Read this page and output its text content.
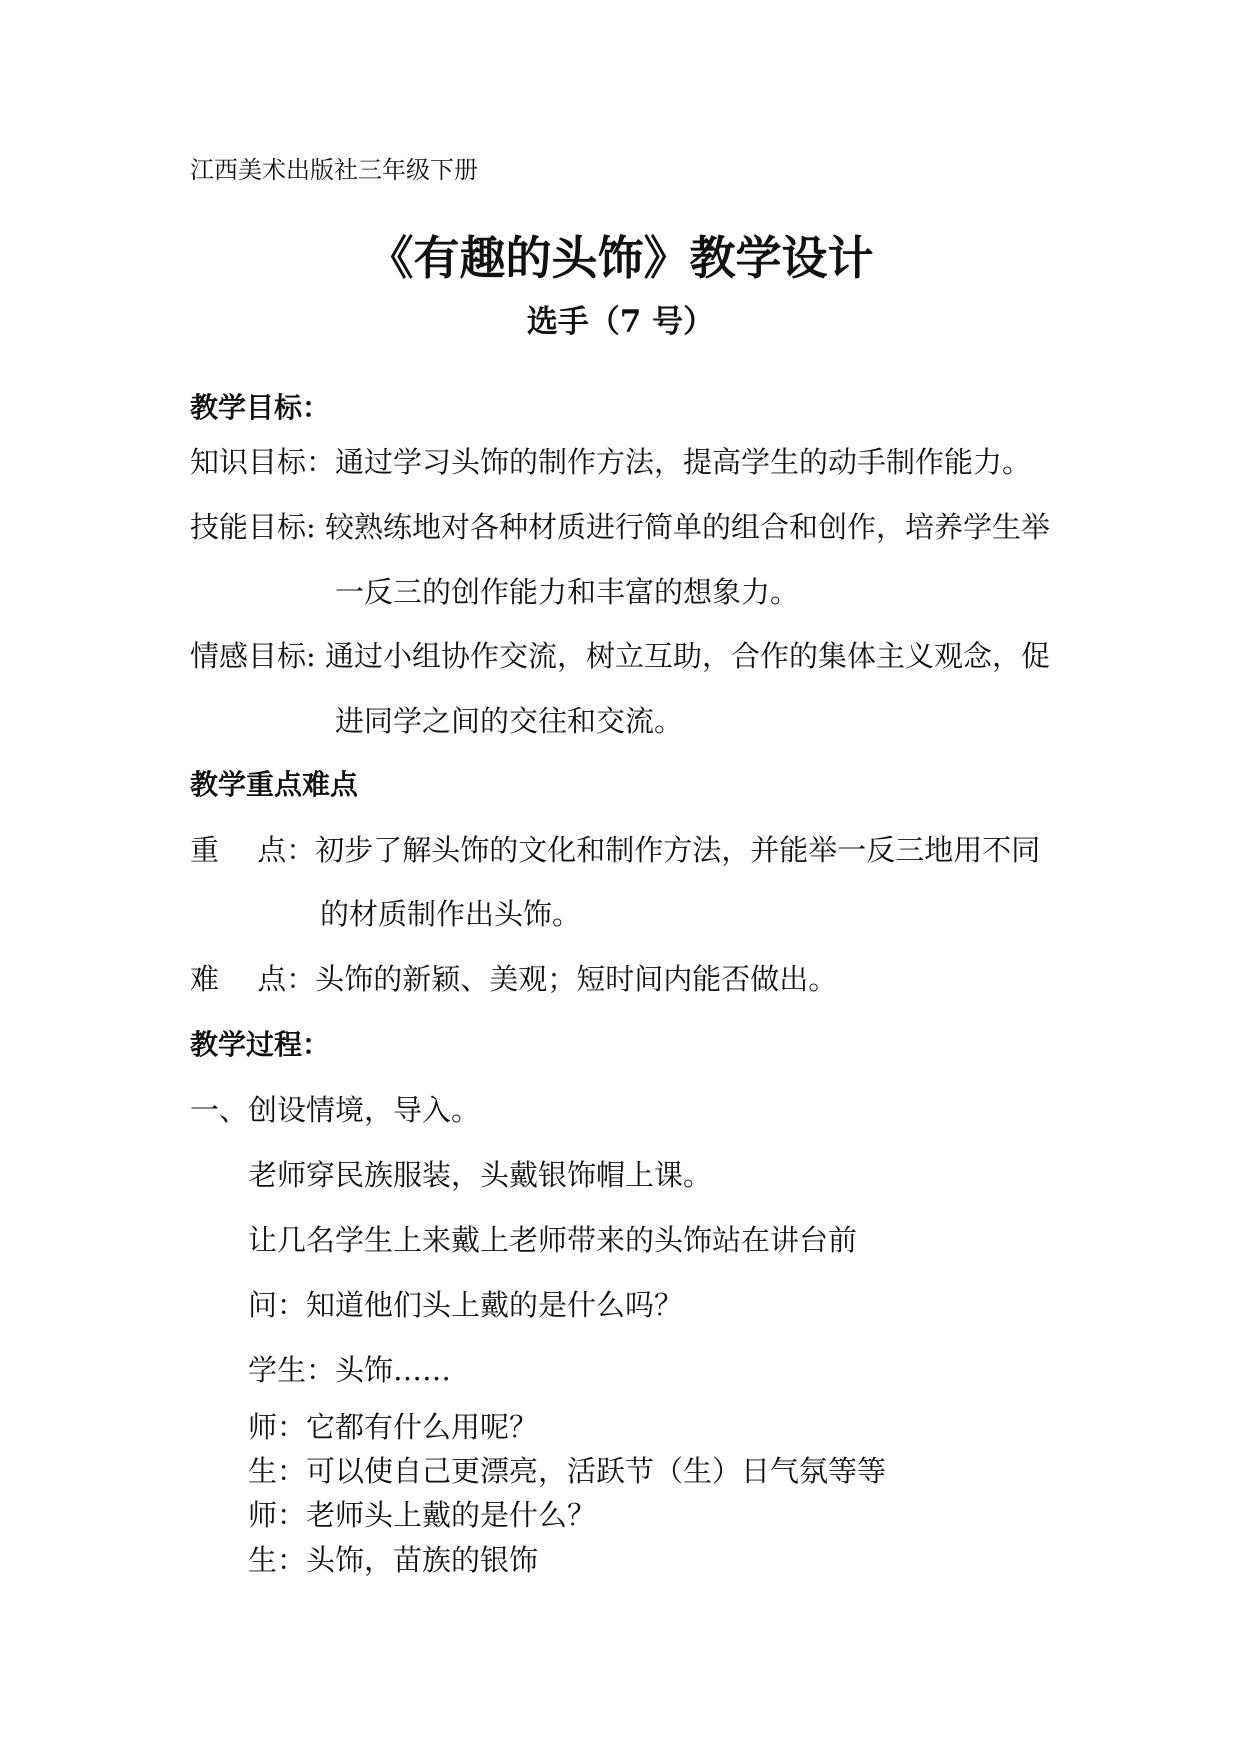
江西美术出版社三年级下册
《有趣的头饰》教学设计
选手（7 号）
教学目标：
知识目标：通过学习头饰的制作方法，提高学生的动手制作能力。
技能目标: 较熟练地对各种材质进行简单的组合和创作，培养学生举
一反三的创作能力和丰富的想象力。
情感目标: 通过小组协作交流，树立互助，合作的集体主义观念，促
进同学之间的交往和交流。
教学重点难点
重　 点：初步了解头饰的文化和制作方法，并能举一反三地用不同
的材质制作出头饰。
难　 点：头饰的新颖、美观；短时间内能否做出。
教学过程：
一、创设情境，导入。
老师穿民族服装，头戴银饰帽上课。
让几名学生上来戴上老师带来的头饰站在讲台前
问：知道他们头上戴的是什么吗？
学生：头饰……
师：它都有什么用呢？
生：可以使自己更漂亮，活跃节（生）日气氛等等
师：老师头上戴的是什么？
生：头饰，苗族的银饰
